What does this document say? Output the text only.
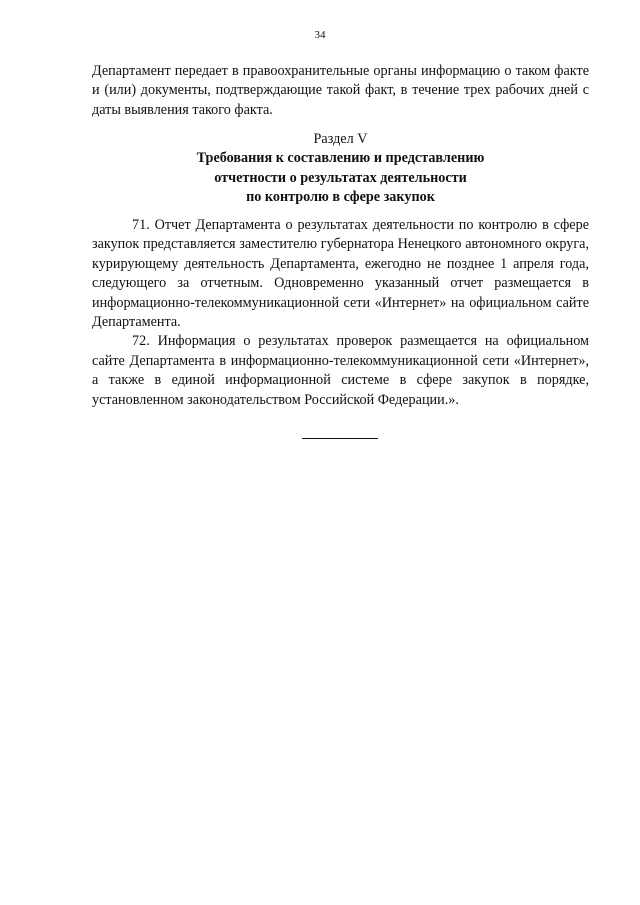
34

Департамент передает в правоохранительные органы информацию о таком факте и (или) документы, подтверждающие такой факт, в течение трех рабочих дней с даты выявления такого факта.

Раздел V
Требования к составлению и представлению
отчетности о результатах деятельности
по контролю в сфере закупок

71. Отчет Департамента о результатах деятельности по контролю в сфере закупок представляется заместителю губернатора Ненецкого автономного округа, курирующему деятельность Департамента, ежегодно не позднее 1 апреля года, следующего за отчетным. Одновременно указанный отчет размещается в информационно-телекоммуникационной сети «Интернет» на официальном сайте Департамента.

72. Информация о результатах проверок размещается на официальном сайте Департамента в информационно-телекоммуникационной сети «Интернет», а также в единой информационной системе в сфере закупок в порядке, установленном законодательством Российской Федерации.».
